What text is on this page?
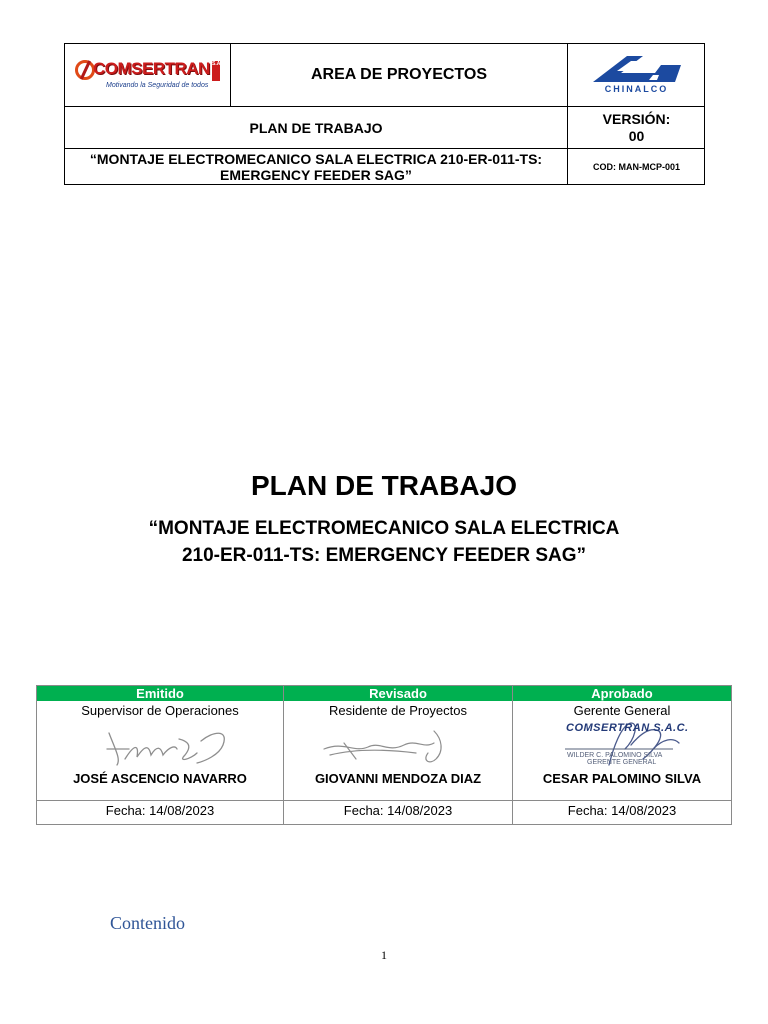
COMSERTRAN S.A.C.
Motivando la Seguridad de todos
AREA DE PROYECTOS
CHINALCO
PLAN DE TRABAJO
VERSIÓN:
00
“MONTAJE ELECTROMECANICO SALA ELECTRICA 210-ER-011-TS: EMERGENCY FEEDER SAG”	COD: MAN-MCP-001
PLAN DE TRABAJO
“MONTAJE ELECTROMECANICO SALA ELECTRICA
210-ER-011-TS: EMERGENCY FEEDER SAG”
Emitido
Supervisor de Operaciones
JOSÉ ASCENCIO NAVARRO
Fecha: 14/08/2023
Revisado
Residente de Proyectos
GIOVANNI MENDOZA DIAZ
Fecha: 14/08/2023
Aprobado
Gerente General
COMSERTRAN S.A.C.
WILDER C. PALOMINO SILVA
GERENTE GENERAL
CESAR PALOMINO SILVA
Fecha: 14/08/2023
Contenido
1
